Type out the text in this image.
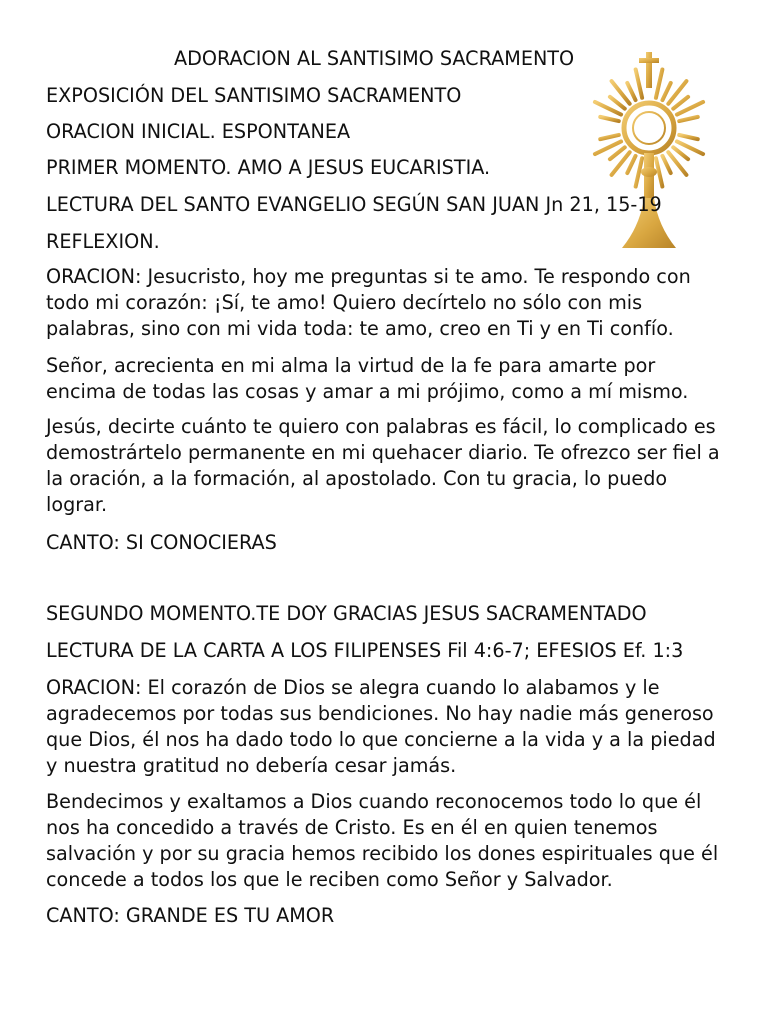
ADORACION AL SANTISIMO SACRAMENTO

EXPOSICIÓN DEL SANTISIMO SACRAMENTO

ORACION INICIAL. ESPONTANEA

PRIMER MOMENTO. AMO A JESUS EUCARISTIA.

LECTURA DEL SANTO EVANGELIO SEGÚN SAN JUAN Jn 21, 15-19

REFLEXION.

ORACION: Jesucristo, hoy me preguntas si te amo. Te respondo con todo mi corazón: ¡Sí, te amo! Quiero decírtelo no sólo con mis palabras, sino con mi vida toda: te amo, creo en Ti y en Ti confío.

Señor, acrecienta en mi alma la virtud de la fe para amarte por encima de todas las cosas y amar a mi prójimo, como a mí mismo.

Jesús, decirte cuánto te quiero con palabras es fácil, lo complicado es demostrártelo permanente en mi quehacer diario. Te ofrezco ser fiel a la oración, a la formación, al apostolado. Con tu gracia, lo puedo lograr.

CANTO: SI CONOCIERAS

SEGUNDO MOMENTO.TE DOY GRACIAS JESUS SACRAMENTADO

LECTURA DE LA CARTA A LOS FILIPENSES Fil 4:6-7; EFESIOS Ef. 1:3

ORACION: El corazón de Dios se alegra cuando lo alabamos y le agradecemos por todas sus bendiciones. No hay nadie más generoso que Dios, él nos ha dado todo lo que concierne a la vida y a la piedad y nuestra gratitud no debería cesar jamás.

Bendecimos y exaltamos a Dios cuando reconocemos todo lo que él nos ha concedido a través de Cristo. Es en él en quien tenemos salvación y por su gracia hemos recibido los dones espirituales que él concede a todos los que le reciben como Señor y Salvador.

CANTO: GRANDE ES TU AMOR
